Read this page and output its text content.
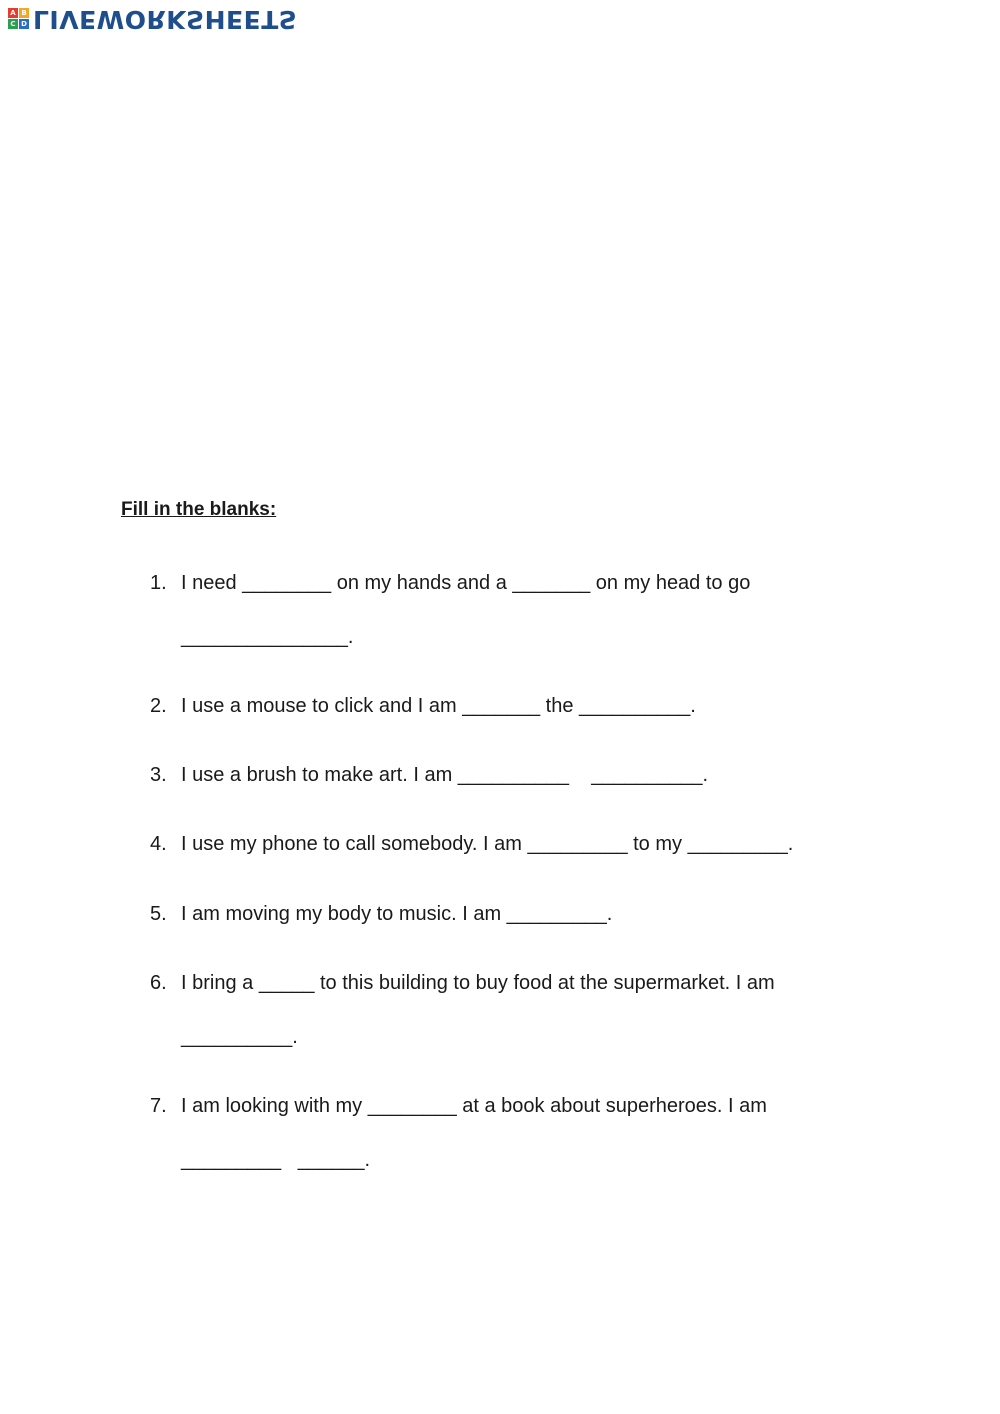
A B
C D LIVEWORKSHEETS
Fill in the blanks:
1. I need ________ on my hands and a _______ on my head to go
_______________.
2. I use a mouse to click and I am _______ the __________.
3. I use a brush to make art. I am __________    __________.
4. I use my phone to call somebody. I am _________ to my _________.
5. I am moving my body to music. I am _________.
6. I bring a _____ to this building to buy food at the supermarket. I am
__________.
7. I am looking with my ________ at a book about superheroes. I am
_________   ______.
